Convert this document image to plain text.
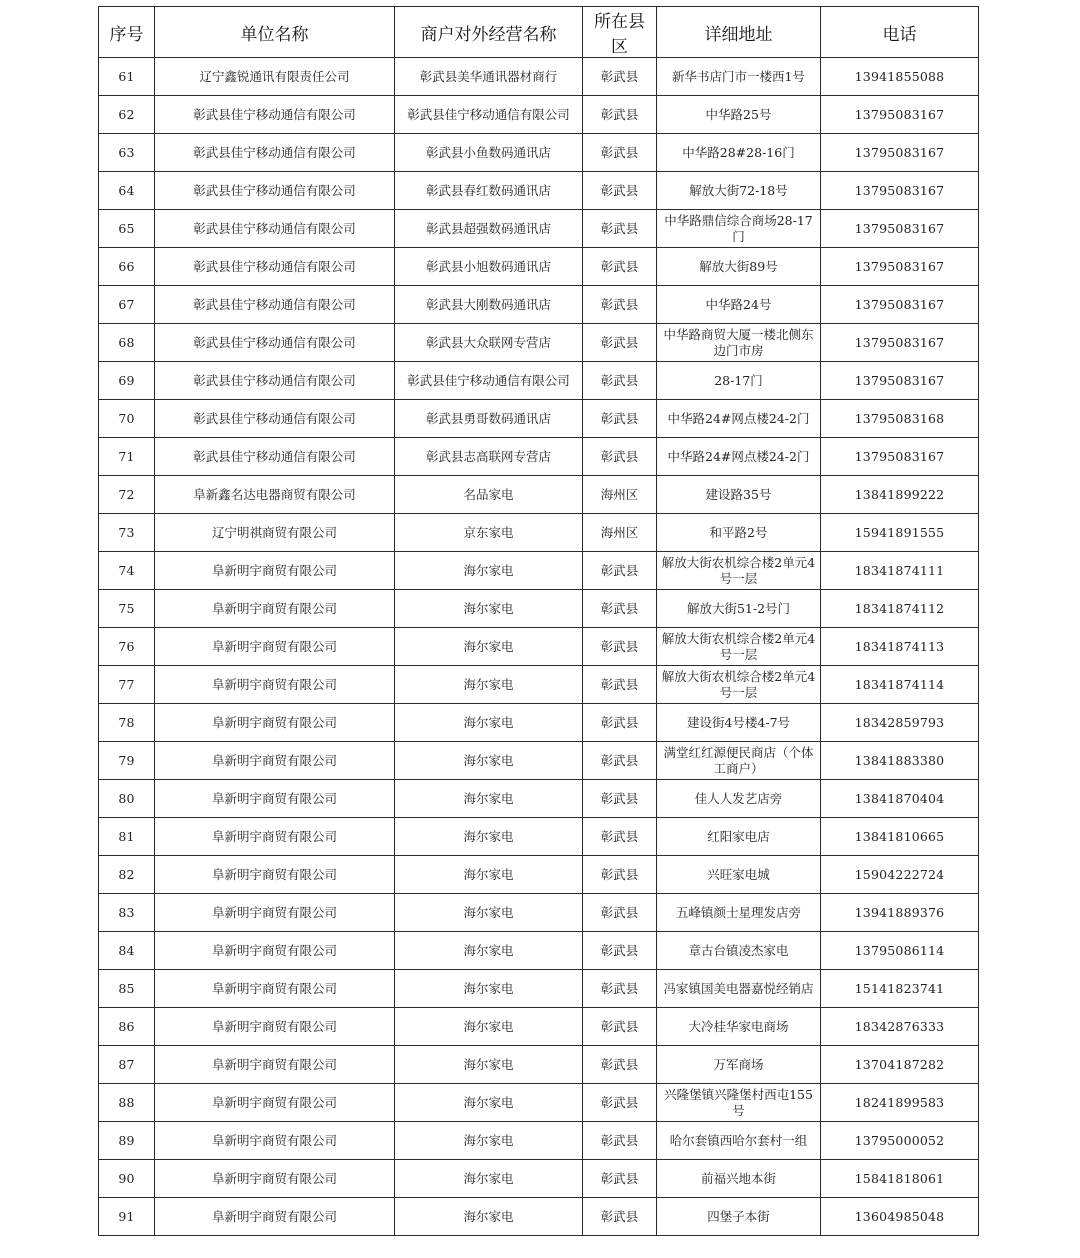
序号	单位名称	商户对外经营名称	所在县区	详细地址	电话
61	辽宁鑫锐通讯有限责任公司	彰武县美华通讯器材商行	彰武县	新华书店门市一楼西1号	13941855088
62	彰武县佳宁移动通信有限公司	彰武县佳宁移动通信有限公司	彰武县	中华路25号	13795083167
63	彰武县佳宁移动通信有限公司	彰武县小鱼数码通讯店	彰武县	中华路28#28-16门	13795083167
64	彰武县佳宁移动通信有限公司	彰武县春红数码通讯店	彰武县	解放大街72-18号	13795083167
65	彰武县佳宁移动通信有限公司	彰武县超强数码通讯店	彰武县	中华路鼎信综合商场28-17门	13795083167
66	彰武县佳宁移动通信有限公司	彰武县小旭数码通讯店	彰武县	解放大街89号	13795083167
67	彰武县佳宁移动通信有限公司	彰武县大刚数码通讯店	彰武县	中华路24号	13795083167
68	彰武县佳宁移动通信有限公司	彰武县大众联网专营店	彰武县	中华路商贸大厦一楼北侧东边门市房	13795083167
69	彰武县佳宁移动通信有限公司	彰武县佳宁移动通信有限公司	彰武县	28-17门	13795083167
70	彰武县佳宁移动通信有限公司	彰武县勇哥数码通讯店	彰武县	中华路24#网点楼24-2门	13795083168
71	彰武县佳宁移动通信有限公司	彰武县志高联网专营店	彰武县	中华路24#网点楼24-2门	13795083167
72	阜新鑫名达电器商贸有限公司	名品家电	海州区	建设路35号	13841899222
73	辽宁明祺商贸有限公司	京东家电	海州区	和平路2号	15941891555
74	阜新明宇商贸有限公司	海尔家电	彰武县	解放大街农机综合楼2单元4号一层	18341874111
75	阜新明宇商贸有限公司	海尔家电	彰武县	解放大街51-2号门	18341874112
76	阜新明宇商贸有限公司	海尔家电	彰武县	解放大街农机综合楼2单元4号一层	18341874113
77	阜新明宇商贸有限公司	海尔家电	彰武县	解放大街农机综合楼2单元4号一层	18341874114
78	阜新明宇商贸有限公司	海尔家电	彰武县	建设街4号楼4-7号	18342859793
79	阜新明宇商贸有限公司	海尔家电	彰武县	满堂红红源便民商店（个体工商户）	13841883380
80	阜新明宇商贸有限公司	海尔家电	彰武县	佳人人发艺店旁	13841870404
81	阜新明宇商贸有限公司	海尔家电	彰武县	红阳家电店	13841810665
82	阜新明宇商贸有限公司	海尔家电	彰武县	兴旺家电城	15904222724
83	阜新明宇商贸有限公司	海尔家电	彰武县	五峰镇颜士星理发店旁	13941889376
84	阜新明宇商贸有限公司	海尔家电	彰武县	章古台镇凌杰家电	13795086114
85	阜新明宇商贸有限公司	海尔家电	彰武县	冯家镇国美电器嘉悦经销店	15141823741
86	阜新明宇商贸有限公司	海尔家电	彰武县	大冷桂华家电商场	18342876333
87	阜新明宇商贸有限公司	海尔家电	彰武县	万军商场	13704187282
88	阜新明宇商贸有限公司	海尔家电	彰武县	兴隆堡镇兴隆堡村西屯155号	18241899583
89	阜新明宇商贸有限公司	海尔家电	彰武县	哈尔套镇西哈尔套村一组	13795000052
90	阜新明宇商贸有限公司	海尔家电	彰武县	前福兴地本街	15841818061
91	阜新明宇商贸有限公司	海尔家电	彰武县	四堡子本街	13604985048
